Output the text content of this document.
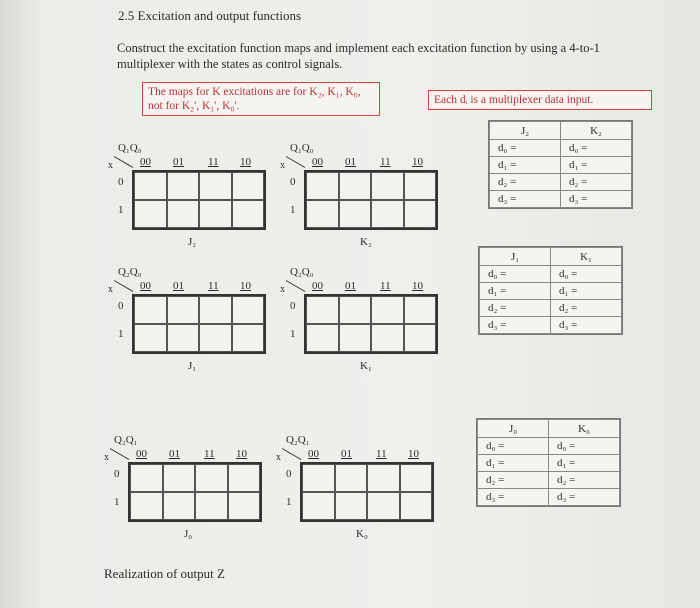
2.5 Excitation and output functions
Construct the excitation function maps and implement each excitation function by using a 4-to-1 multiplexer with the states as control signals.
The maps for K excitations are for K₂, K₁, K₀, not for K₂', K₁', K₀'.	Each dᵢ is a multiplexer data input.
Q₁Q₀
x 00 01 11 10
0
1
J₂
Q₁Q₀
x 00 01 11 10
0
1
K₂
Q₂Q₀
x 00 01 11 10
0
1
J₁
Q₂Q₀
x 00 01 11 10
0
1
K₁
Q₂Q₁
x 00 01 11 10
0
1
J₀
Q₂Q₁
x 00 01 11 10
0
1
K₀
J₂	K₂
d₀ =	d₀ =
d₁ =	d₁ =
d₂ =	d₂ =
d₃ =	d₃ =
J₁	K₁
d₀ =	d₀ =
d₁ =	d₁ =
d₂ =	d₂ =
d₃ =	d₃ =
J₀	K₀
d₀ =	d₀ =
d₁ =	d₁ =
d₂ =	d₂ =
d₃ =	d₃ =
Realization of output Z
